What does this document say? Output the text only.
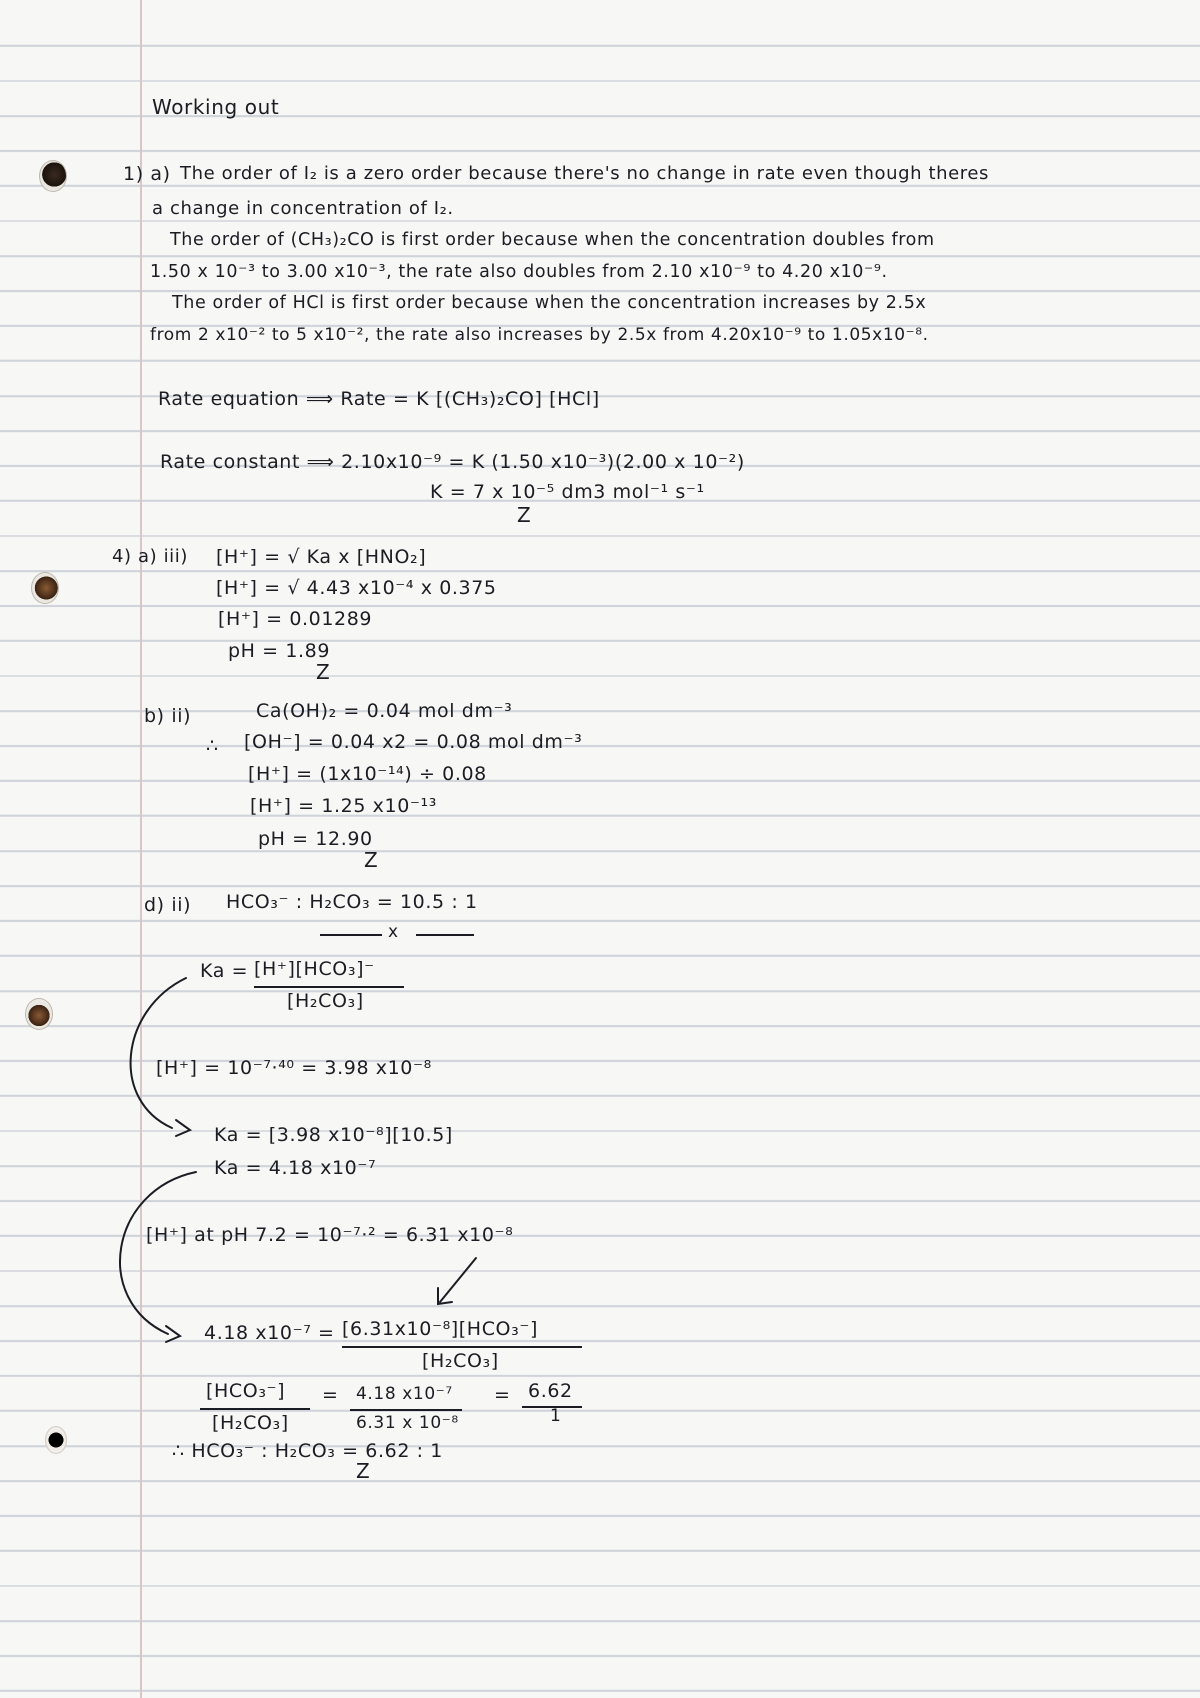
Working out
1) a) The order of I₂ is a zero order because there's no change in rate even though theres
a change in concentration of I₂.
The order of (CH₃)₂CO is first order because when the concentration doubles from
1.50 x 10⁻³ to 3.00 x10⁻³, the rate also doubles from 2.10 x10⁻⁹ to 4.20 x10⁻⁹.
The order of HCl is first order because when the concentration increases by 2.5x
from 2 x10⁻² to 5 x10⁻², the rate also increases by 2.5x from 4.20x10⁻⁹ to 1.05x10⁻⁸.
Rate equation ⟹ Rate = K [(CH₃)₂CO] [HCl]
Rate constant ⟹ 2.10x10⁻⁹ = K (1.50 x10⁻³)(2.00 x 10⁻²)
K = 7 x 10⁻⁵ dm3 mol⁻¹ s⁻¹
Z
4) a) iii) [H⁺] = √ Ka x [HNO₂]
[H⁺] = √ 4.43 x10⁻⁴ x 0.375
[H⁺] = 0.01289
pH = 1.89
Z
b) ii)	Ca(OH)₂ = 0.04 mol dm⁻³
∴ [OH⁻] = 0.04 x2 = 0.08 mol dm⁻³
[H⁺] = (1x10⁻¹⁴) ÷ 0.08
[H⁺] = 1.25 x10⁻¹³
pH = 12.90
Z
d) ii) HCO₃⁻ : H₂CO₃ = 10.5 : 1
x
Ka = [H⁺][HCO₃]⁻
[H₂CO₃]
[H⁺] = 10⁻⁷·⁴⁰ = 3.98 x10⁻⁸
Ka = [3.98 x10⁻⁸][10.5]
Ka = 4.18 x10⁻⁷
[H⁺] at pH 7.2 = 10⁻⁷·² = 6.31 x10⁻⁸
4.18 x10⁻⁷ = [6.31x10⁻⁸][HCO₃⁻]
[H₂CO₃]
[HCO₃⁻]
[H₂CO₃]
= 4.18 x10⁻⁷
6.31 x 10⁻⁸
= 6.62
1
∴ HCO₃⁻ : H₂CO₃ = 6.62 : 1
Z
